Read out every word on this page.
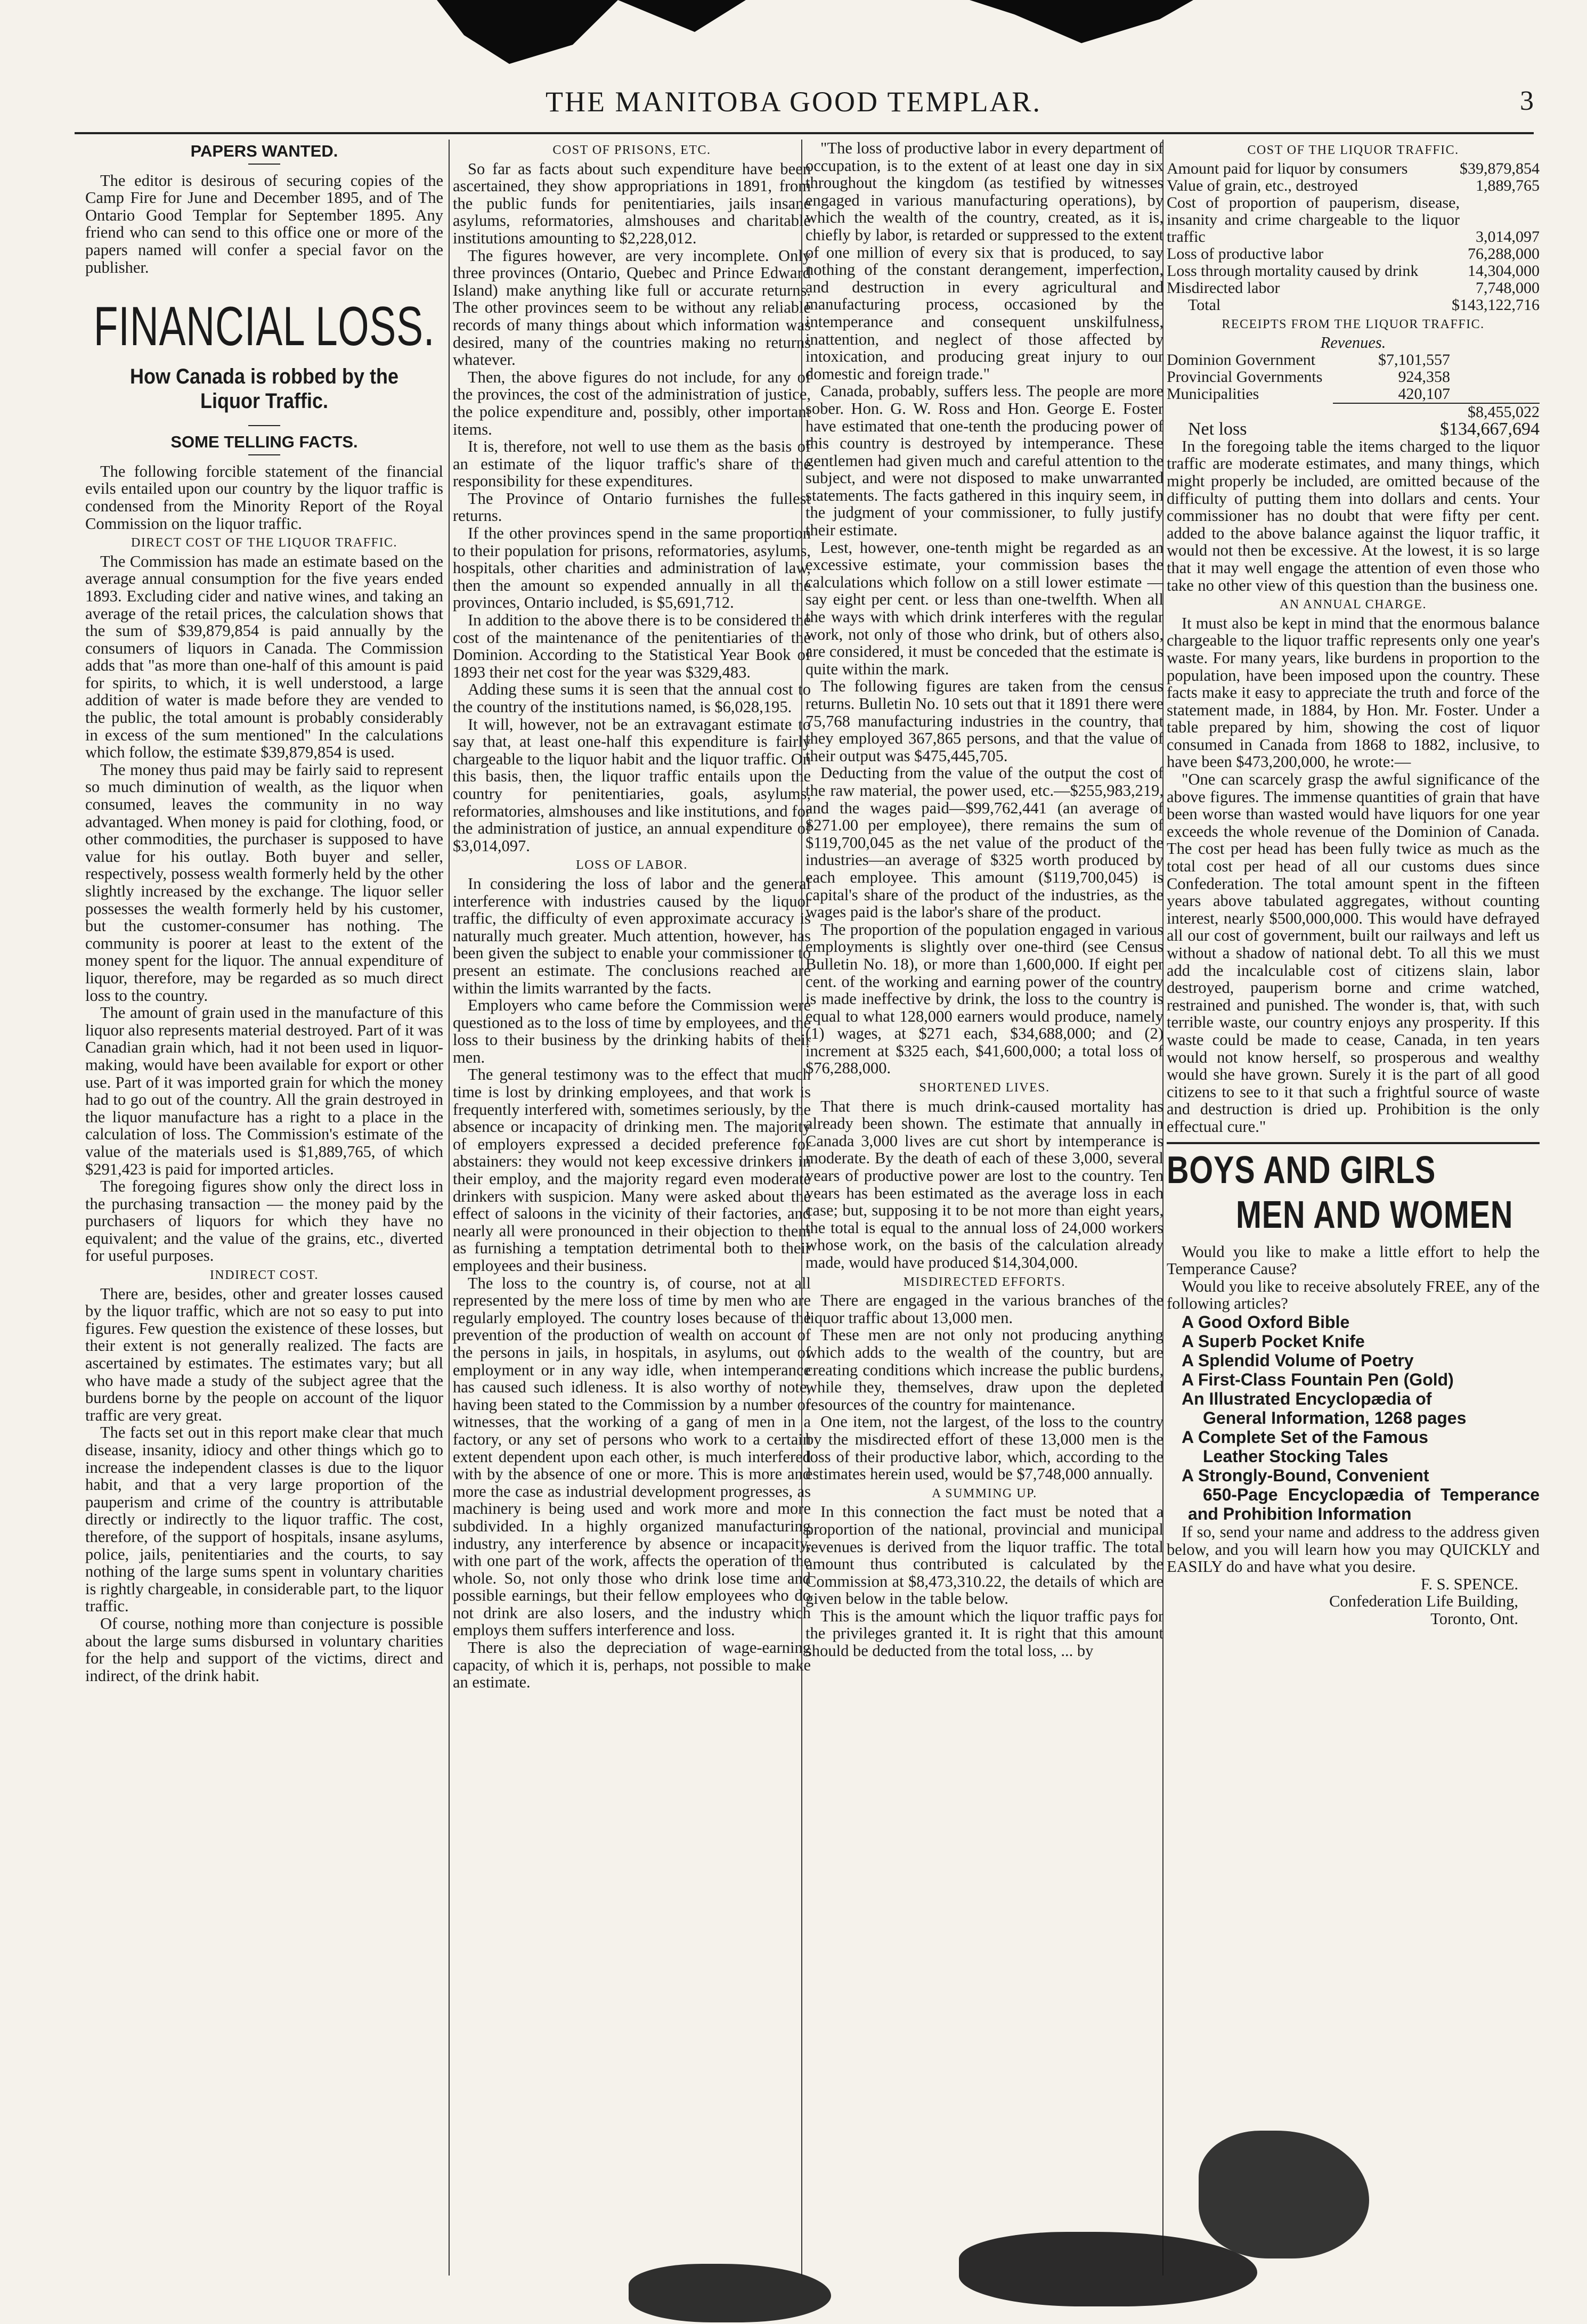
THE MANITOBA GOOD TEMPLAR.	3
PAPERS WANTED.

The editor is desirous of securing copies of the Camp Fire for June and December 1895, and of The Ontario Good Templar for September 1895. Any friend who can send to this office one or more of the papers named will confer a special favor on the publisher.

FINANCIAL LOSS.
How Canada is robbed by the Liquor Traffic.
SOME TELLING FACTS.

The following forcible statement of the financial evils entailed upon our country by the liquor traffic is condensed from the Minority Report of the Royal Commission on the liquor traffic.

DIRECT COST OF THE LIQUOR TRAFFIC.

The Commission has made an estimate based on the average annual consumption for the five years ended 1893. Excluding cider and native wines, and taking an average of the retail prices, the calculation shows that the sum of $39,879,854 is paid annually by the consumers of liquors in Canada. The Commission adds that "as more than one-half of this amount is paid for spirits, to which, it is well understood, a large addition of water is made before they are vended to the public, the total amount is probably considerably in excess of the sum mentioned" In the calculations which follow, the estimate $39,879,854 is used.

The money thus paid may be fairly said to represent so much diminution of wealth, as the liquor when consumed, leaves the community in no way advantaged. When money is paid for clothing, food, or other commodities, the purchaser is supposed to have value for his outlay. Both buyer and seller, respectively, possess wealth formerly held by the other slightly increased by the exchange. The liquor seller possesses the wealth formerly held by his customer, but the customer-consumer has nothing. The community is poorer at least to the extent of the money spent for the liquor. The annual expenditure of liquor, therefore, may be regarded as so much direct loss to the country.

The amount of grain used in the manufacture of this liquor also represents material destroyed. Part of it was Canadian grain which, had it not been used in liquor-making, would have been available for export or other use. Part of it was imported grain for which the money had to go out of the country. All the grain destroyed in the liquor manufacture has a right to a place in the calculation of loss. The Commission's estimate of the value of the materials used is $1,889,765, of which $291,423 is paid for imported articles.

The foregoing figures show only the direct loss in the purchasing transaction — the money paid by the purchasers of liquors for which they have no equivalent; and the value of the grains, etc., diverted for useful purposes.

INDIRECT COST.

There are, besides, other and greater losses caused by the liquor traffic, which are not so easy to put into figures. Few question the existence of these losses, but their extent is not generally realized. The facts are ascertained by estimates. The estimates vary; but all who have made a study of the subject agree that the burdens borne by the people on account of the liquor traffic are very great.

The facts set out in this report make clear that much disease, insanity, idiocy and other things which go to increase the independent classes is due to the liquor habit, and that a very large proportion of the pauperism and crime of the country is attributable directly or indirectly to the liquor traffic. The cost, therefore, of the support of hospitals, insane asylums, police, jails, penitentiaries and the courts, to say nothing of the large sums spent in voluntary charities is rightly chargeable, in considerable part, to the liquor traffic.

Of course, nothing more than conjecture is possible about the large sums disbursed in voluntary charities for the help and support of the victims, direct and indirect, of the drink habit.

COST OF PRISONS, ETC.

So far as facts about such expenditure have been ascertained, they show appropriations in 1891, from the public funds for penitentiaries, jails insane asylums, reformatories, almshouses and charitable institutions amounting to $2,228,012.

The figures however, are very incomplete. Only three provinces (Ontario, Quebec and Prince Edward Island) make anything like full or accurate returns. The other provinces seem to be without any reliable records of many things about which information was desired, many of the countries making no returns whatever.

Then, the above figures do not include, for any of the provinces, the cost of the administration of justice, the police expenditure and, possibly, other important items.

It is, therefore, not well to use them as the basis of an estimate of the liquor traffic's share of the responsibility for these expenditures.

The Province of Ontario furnishes the fullest returns.

If the other provinces spend in the same proportion to their population for prisons, reformatories, asylums, hospitals, other charities and administration of law, then the amount so expended annually in all the provinces, Ontario included, is $5,691,712.

In addition to the above there is to be considered the cost of the maintenance of the penitentiaries of the Dominion. According to the Statistical Year Book of 1893 their net cost for the year was $329,483.

Adding these sums it is seen that the annual cost to the country of the institutions named, is $6,028,195.

It will, however, not be an extravagant estimate to say that, at least one-half this expenditure is fairly chargeable to the liquor habit and the liquor traffic. On this basis, then, the liquor traffic entails upon the country for penitentiaries, goals, asylums, reformatories, almshouses and like institutions, and for the administration of justice, an annual expenditure of $3,014,097.

LOSS OF LABOR.

In considering the loss of labor and the general interference with industries caused by the liquor traffic, the difficulty of even approximate accuracy is naturally much greater. Much attention, however, has been given the subject to enable your commissioner to present an estimate. The conclusions reached are within the limits warranted by the facts.

Employers who came before the Commission were questioned as to the loss of time by employees, and the loss to their business by the drinking habits of their men.

The general testimony was to the effect that much time is lost by drinking employees, and that work is frequently interfered with, sometimes seriously, by the absence or incapacity of drinking men. The majority of employers expressed a decided preference for abstainers: they would not keep excessive drinkers in their employ, and the majority regard even moderate drinkers with suspicion. Many were asked about the effect of saloons in the vicinity of their factories, and nearly all were pronounced in their objection to them as furnishing a temptation detrimental both to their employees and their business.

The loss to the country is, of course, not at all represented by the mere loss of time by men who are regularly employed. The country loses because of the prevention of the production of wealth on account of the persons in jails, in hospitals, in asylums, out of employment or in any way idle, when intemperance has caused such idleness. It is also worthy of note, having been stated to the Commission by a number of witnesses, that the working of a gang of men in a factory, or any set of persons who work to a certain extent dependent upon each other, is much interfered with by the absence of one or more. This is more and more the case as industrial development progresses, as machinery is being used and work more and more subdivided. In a highly organized manufacturing industry, any interference by absence or incapacity, with one part of the work, affects the operation of the whole. So, not only those who drink lose time and possible earnings, but their fellow employees who do not drink are also losers, and the industry which employs them suffers interference and loss.

There is also the depreciation of wage-earning capacity, of which it is, perhaps, not possible to make an estimate.

"The loss of productive labor in every department of occupation, is to the extent of at least one day in six throughout the kingdom (as testified by witnesses engaged in various manufacturing operations), by which the wealth of the country, created, as it is, chiefly by labor, is retarded or suppressed to the extent of one million of every six that is produced, to say nothing of the constant derangement, imperfection, and destruction in every agricultural and manufacturing process, occasioned by the intemperance and consequent unskilfulness, inattention, and neglect of those affected by intoxication, and producing great injury to our domestic and foreign trade."

Canada, probably, suffers less. The people are more sober. Hon. G. W. Ross and Hon. George E. Foster have estimated that one-tenth the producing power of this country is destroyed by intemperance. These gentlemen had given much and careful attention to the subject, and were not disposed to make unwarranted statements. The facts gathered in this inquiry seem, in the judgment of your commissioner, to fully justify their estimate.

Lest, however, one-tenth might be regarded as an excessive estimate, your commission bases the calculations which follow on a still lower estimate —say eight per cent. or less than one-twelfth. When all the ways with which drink interferes with the regular work, not only of those who drink, but of others also, are considered, it must be conceded that the estimate is quite within the mark.

The following figures are taken from the census returns. Bulletin No. 10 sets out that it 1891 there were 75,768 manufacturing industries in the country, that they employed 367,865 persons, and that the value of their output was $475,445,705.

Deducting from the value of the output the cost of the raw material, the power used, etc.—$255,983,219, and the wages paid—$99,762,441 (an average of $271.00 per employee), there remains the sum of $119,700,045 as the net value of the product of the industries—an average of $325 worth produced by each employee. This amount ($119,700,045) is capital's share of the product of the industries, as the wages paid is the labor's share of the product.

The proportion of the population engaged in various employments is slightly over one-third (see Census Bulletin No. 18), or more than 1,600,000. If eight per cent. of the working and earning power of the country is made ineffective by drink, the loss to the country is equal to what 128,000 earners would produce, namely (1) wages, at $271 each, $34,688,000; and (2) increment at $325 each, $41,600,000; a total loss of $76,288,000.

SHORTENED LIVES.

That there is much drink-caused mortality has already been shown. The estimate that annually in Canada 3,000 lives are cut short by intemperance is moderate. By the death of each of these 3,000, several years of productive power are lost to the country. Ten years has been estimated as the average loss in each case; but, supposing it to be not more than eight years, the total is equal to the annual loss of 24,000 workers whose work, on the basis of the calculation already made, would have produced $14,304,000.

MISDIRECTED EFFORTS.

There are engaged in the various branches of the liquor traffic about 13,000 men.

These men are not only not producing anything which adds to the wealth of the country, but are creating conditions which increase the public burdens, while they, themselves, draw upon the depleted resources of the country for maintenance.

One item, not the largest, of the loss to the country by the misdirected effort of these 13,000 men is the loss of their productive labor, which, according to the estimates herein used, would be $7,748,000 annually.

A SUMMING UP.

In this connection the fact must be noted that a proportion of the national, provincial and municipal revenues is derived from the liquor traffic. The total amount thus contributed is calculated by the Commission at $8,473,310.22, the details of which are given below in the table below.

This is the amount which the liquor traffic pays for the privileges granted it. It is right that this amount should be deducted from the total loss, ... by

COST OF THE LIQUOR TRAFFIC.
Amount paid for liquor by consumers	$39,879,854
Value of grain, etc., destroyed	1,889,765
Cost of proportion of pauperism, disease, insanity and crime chargeable to the liquor traffic	3,014,097
Loss of productive labor	76,288,000
Loss through mortality caused by drink	14,304,000
Misdirected labor	7,748,000
Total	$143,122,716
RECEIPTS FROM THE LIQUOR TRAFFIC.
Revenues.
Dominion Government	$7,101,557	
Provincial Governments	924,358	
Municipalities	420,107	
	$8,455,022
Net loss	$134,667,694

In the foregoing table the items charged to the liquor traffic are moderate estimates, and many things, which might properly be included, are omitted because of the difficulty of putting them into dollars and cents. Your commissioner has no doubt that were fifty per cent. added to the above balance against the liquor traffic, it would not then be excessive. At the lowest, it is so large that it may well engage the attention of even those who take no other view of this question than the business one.

AN ANNUAL CHARGE.

It must also be kept in mind that the enormous balance chargeable to the liquor traffic represents only one year's waste. For many years, like burdens in proportion to the population, have been imposed upon the country. These facts make it easy to appreciate the truth and force of the statement made, in 1884, by Hon. Mr. Foster. Under a table prepared by him, showing the cost of liquor consumed in Canada from 1868 to 1882, inclusive, to have been $473,200,000, he wrote:—

"One can scarcely grasp the awful significance of the above figures. The immense quantities of grain that have been worse than wasted would have liquors for one year exceeds the whole revenue of the Dominion of Canada. The cost per head has been fully twice as much as the total cost per head of all our customs dues since Confederation. The total amount spent in the fifteen years above tabulated aggregates, without counting interest, nearly $500,000,000. This would have defrayed all our cost of government, built our railways and left us without a shadow of national debt. To all this we must add the incalculable cost of citizens slain, labor destroyed, pauperism borne and crime watched, restrained and punished. The wonder is, that, with such terrible waste, our country enjoys any prosperity. If this waste could be made to cease, Canada, in ten years would not know herself, so prosperous and wealthy would she have grown. Surely it is the part of all good citizens to see to it that such a frightful source of waste and destruction is dried up. Prohibition is the only effectual cure."

BOYS AND GIRLS
MEN AND WOMEN

Would you like to make a little effort to help the Temperance Cause?

Would you like to receive absolutely FREE, any of the following articles?

A Good Oxford Bible

A Superb Pocket Knife

A Splendid Volume of Poetry

A First-Class Fountain Pen (Gold)

An Illustrated Encyclopædia of
General Information, 1268 pages

A Complete Set of the Famous
Leather Stocking Tales

A Strongly-Bound, Convenient
650-Page Encyclopædia of Temperance and Prohibition Information

If so, send your name and address to the address given below, and you will learn how you may QUICKLY and EASILY do and have what you desire.

F. S. SPENCE.
Confederation Life Building,
Toronto, Ont.
